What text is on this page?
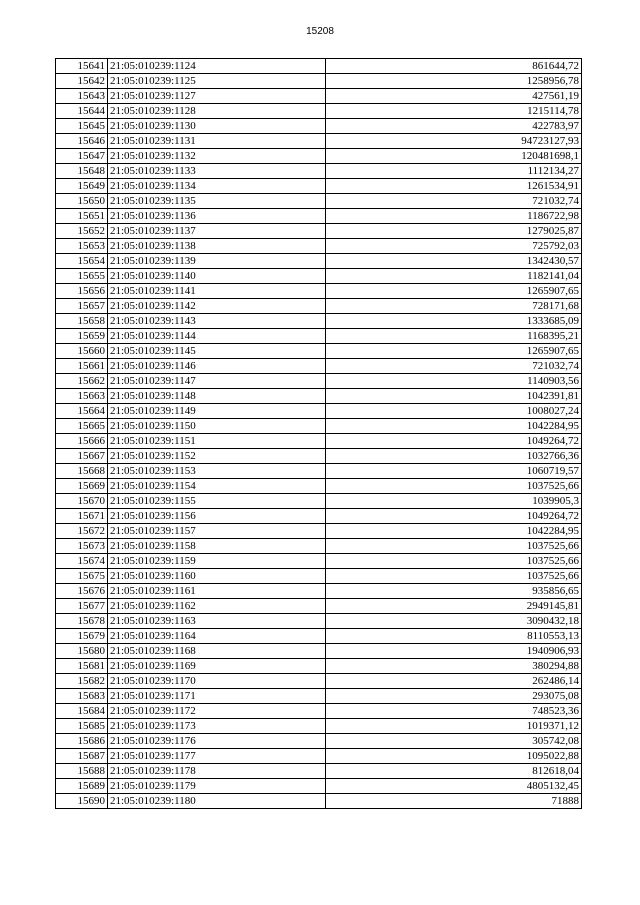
15208
15641	21:05:010239:1124	861644,72
15642	21:05:010239:1125	1258956,78
15643	21:05:010239:1127	427561,19
15644	21:05:010239:1128	1215114,78
15645	21:05:010239:1130	422783,97
15646	21:05:010239:1131	94723127,93
15647	21:05:010239:1132	120481698,1
15648	21:05:010239:1133	1112134,27
15649	21:05:010239:1134	1261534,91
15650	21:05:010239:1135	721032,74
15651	21:05:010239:1136	1186722,98
15652	21:05:010239:1137	1279025,87
15653	21:05:010239:1138	725792,03
15654	21:05:010239:1139	1342430,57
15655	21:05:010239:1140	1182141,04
15656	21:05:010239:1141	1265907,65
15657	21:05:010239:1142	728171,68
15658	21:05:010239:1143	1333685,09
15659	21:05:010239:1144	1168395,21
15660	21:05:010239:1145	1265907,65
15661	21:05:010239:1146	721032,74
15662	21:05:010239:1147	1140903,56
15663	21:05:010239:1148	1042391,81
15664	21:05:010239:1149	1008027,24
15665	21:05:010239:1150	1042284,95
15666	21:05:010239:1151	1049264,72
15667	21:05:010239:1152	1032766,36
15668	21:05:010239:1153	1060719,57
15669	21:05:010239:1154	1037525,66
15670	21:05:010239:1155	1039905,3
15671	21:05:010239:1156	1049264,72
15672	21:05:010239:1157	1042284,95
15673	21:05:010239:1158	1037525,66
15674	21:05:010239:1159	1037525,66
15675	21:05:010239:1160	1037525,66
15676	21:05:010239:1161	935856,65
15677	21:05:010239:1162	2949145,81
15678	21:05:010239:1163	3090432,18
15679	21:05:010239:1164	8110553,13
15680	21:05:010239:1168	1940906,93
15681	21:05:010239:1169	380294,88
15682	21:05:010239:1170	262486,14
15683	21:05:010239:1171	293075,08
15684	21:05:010239:1172	748523,36
15685	21:05:010239:1173	1019371,12
15686	21:05:010239:1176	305742,08
15687	21:05:010239:1177	1095022,88
15688	21:05:010239:1178	812618,04
15689	21:05:010239:1179	4805132,45
15690	21:05:010239:1180	71888
